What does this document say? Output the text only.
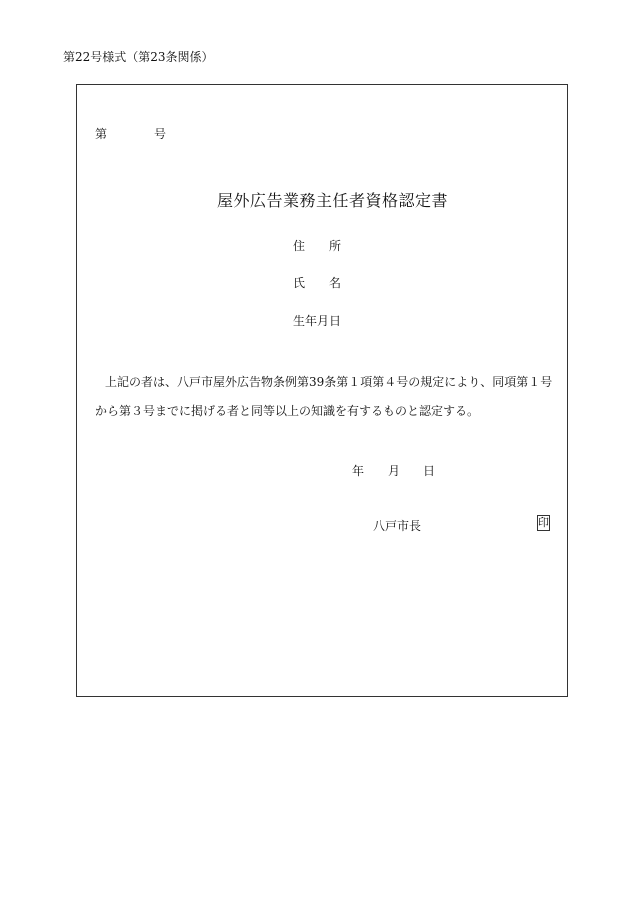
第22号様式（第23条関係）
第	号
屋外広告業務主任者資格認定書
住　　所
氏　　名
生年月日
上記の者は、八戸市屋外広告物条例第39条第１項第４号の規定により、同項第１号
から第３号までに掲げる者と同等以上の知識を有するものと認定する。
年 月 日
八戸市長	印
